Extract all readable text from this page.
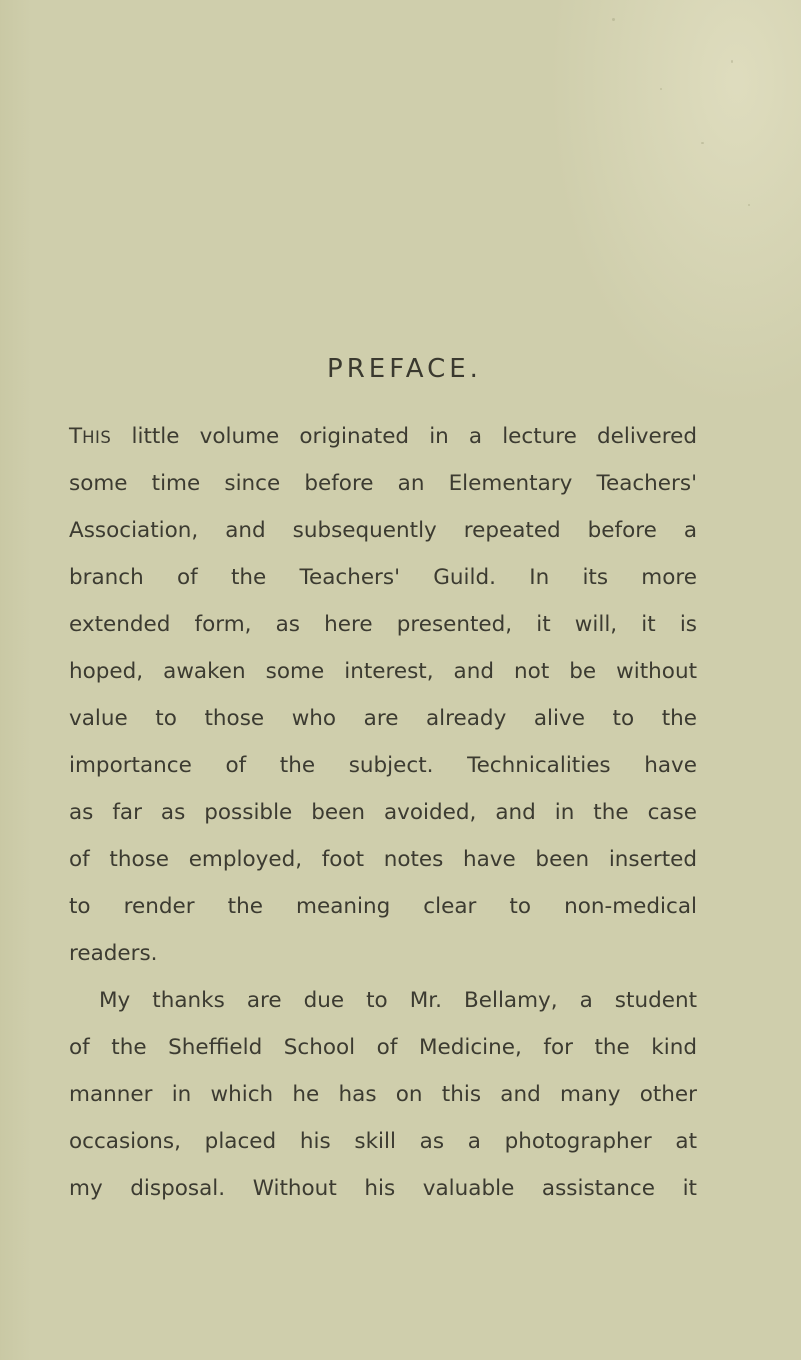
PREFACE.
THIS little volume originated in a lecture delivered
some time since before an Elementary Teachers'
Association, and subsequently repeated before a
branch of the Teachers' Guild. In its more
extended form, as here presented, it will, it is
hoped, awaken some interest, and not be without
value to those who are already alive to the
importance of the subject. Technicalities have
as far as possible been avoided, and in the case
of those employed, foot notes have been inserted
to render the meaning clear to non-medical
readers.
My thanks are due to Mr. Bellamy, a student
of the Sheffield School of Medicine, for the kind
manner in which he has on this and many other
occasions, placed his skill as a photographer at
my disposal. Without his valuable assistance it
